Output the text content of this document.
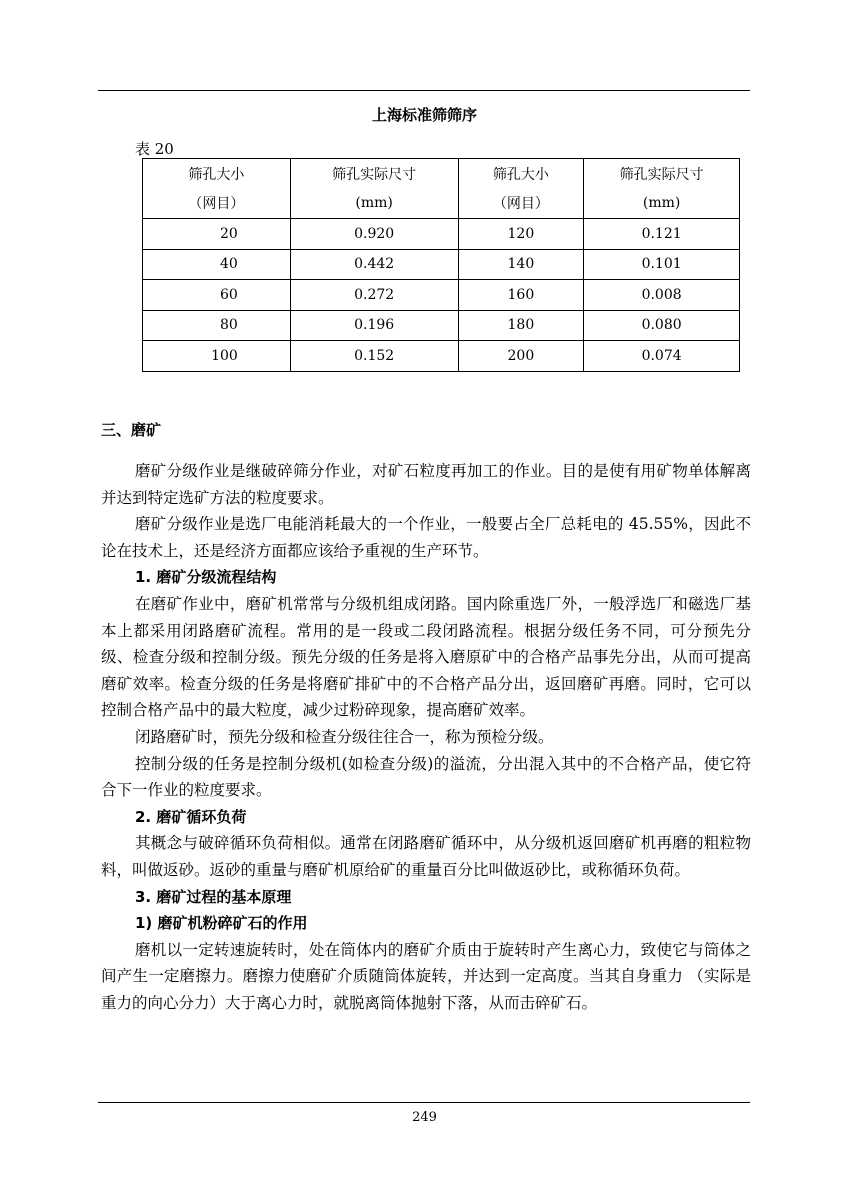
上海标准筛筛序
表 20
筛孔大小	筛孔实际尺寸	筛孔大小	筛孔实际尺寸
（网目）	(mm)	（网目）	(mm)
20	0.920	120	0.121
40	0.442	140	0.101
60	0.272	160	0.008
80	0.196	180	0.080
100	0.152	200	0.074
三、磨矿

磨矿分级作业是继破碎筛分作业，对矿石粒度再加工的作业。目的是使有用矿物单体解离并达到特定选矿方法的粒度要求。

磨矿分级作业是选厂电能消耗最大的一个作业，一般要占全厂总耗电的 45.55%，因此不论在技术上，还是经济方面都应该给予重视的生产环节。

1. 磨矿分级流程结构

在磨矿作业中，磨矿机常常与分级机组成闭路。国内除重选厂外，一般浮选厂和磁选厂基本上都采用闭路磨矿流程。常用的是一段或二段闭路流程。根据分级任务不同，可分预先分级、检查分级和控制分级。预先分级的任务是将入磨原矿中的合格产品事先分出，从而可提高磨矿效率。检查分级的任务是将磨矿排矿中的不合格产品分出，返回磨矿再磨。同时，它可以控制合格产品中的最大粒度，减少过粉碎现象，提高磨矿效率。

闭路磨矿时，预先分级和检查分级往往合一，称为预检分级。

控制分级的任务是控制分级机(如检查分级)的溢流，分出混入其中的不合格产品，使它符合下一作业的粒度要求。

2. 磨矿循环负荷

其概念与破碎循环负荷相似。通常在闭路磨矿循环中，从分级机返回磨矿机再磨的粗粒物料，叫做返砂。返砂的重量与磨矿机原给矿的重量百分比叫做返砂比，或称循环负荷。

3. 磨矿过程的基本原理
1) 磨矿机粉碎矿石的作用

磨机以一定转速旋转时，处在筒体内的磨矿介质由于旋转时产生离心力，致使它与筒体之间产生一定磨擦力。磨擦力使磨矿介质随筒体旋转，并达到一定高度。当其自身重力 （实际是重力的向心分力）大于离心力时，就脱离筒体抛射下落，从而击碎矿石。

249
